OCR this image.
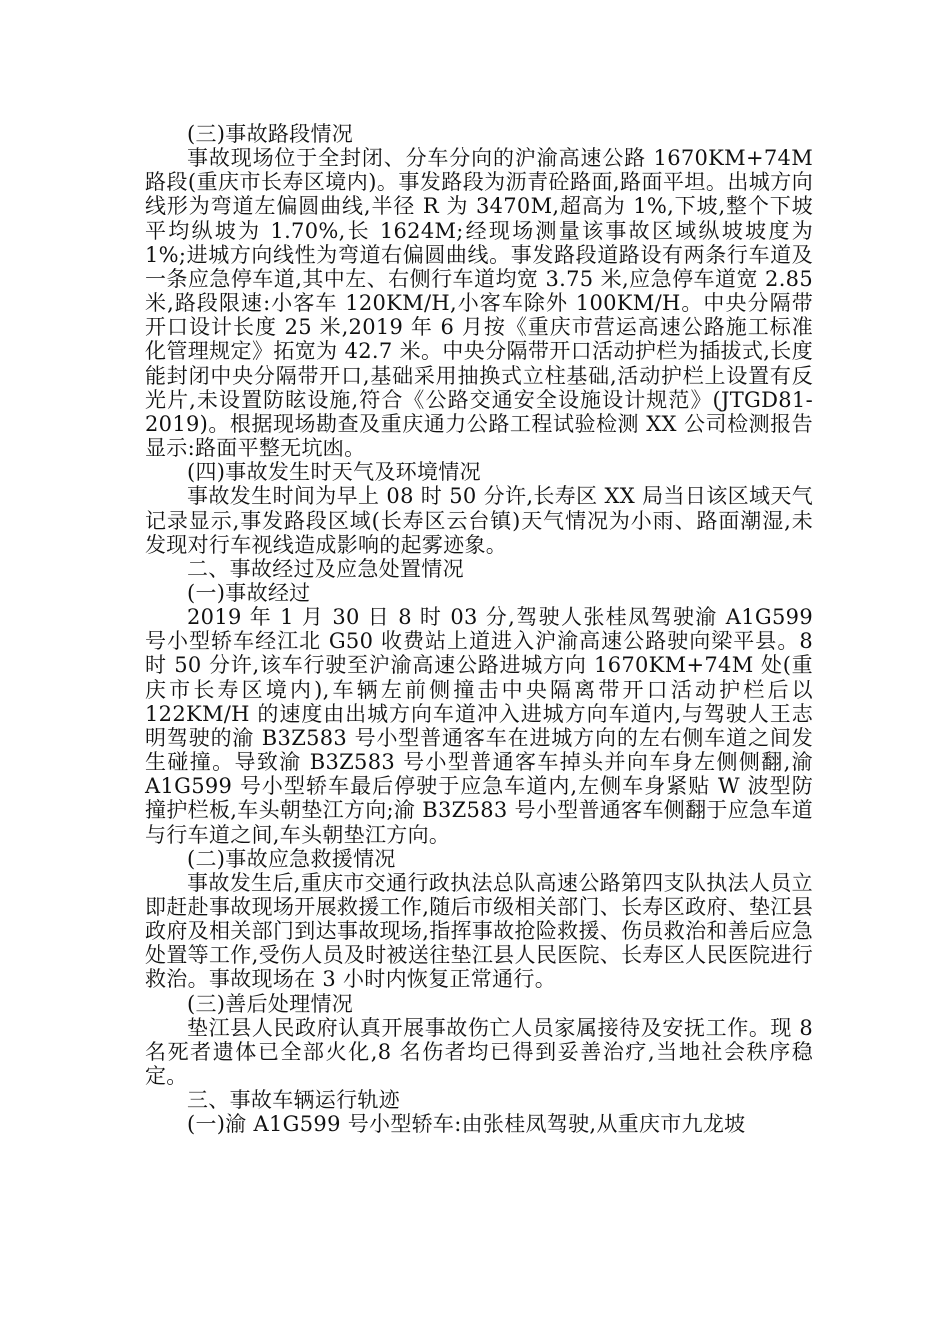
(三)事故路段情况

事故现场位于全封闭、分车分向的沪渝高速公路 1670KM+74M 路段(重庆市长寿区境内)。事发路段为沥青砼路面,路面平坦。出城方向线形为弯道左偏圆曲线,半径 R 为 3470M,超高为 1%,下坡,整个下坡平均纵坡为 1.70%,长 1624M;经现场测量该事故区域纵坡坡度为 1%;进城方向线性为弯道右偏圆曲线。事发路段道路设有两条行车道及一条应急停车道,其中左、右侧行车道均宽 3.75 米,应急停车道宽 2.85 米,路段限速:小客车 120KM/H,小客车除外 100KM/H。中央分隔带开口设计长度 25 米,2019 年 6 月按《重庆市营运高速公路施工标准化管理规定》拓宽为 42.7 米。中央分隔带开口活动护栏为插拔式,长度能封闭中央分隔带开口,基础采用抽换式立柱基础,活动护栏上设置有反光片,未设置防眩设施,符合《公路交通安全设施设计规范》(JTGD81-2019)。根据现场勘查及重庆通力公路工程试验检测 XX 公司检测报告显示:路面平整无坑凼。

(四)事故发生时天气及环境情况

事故发生时间为早上 08 时 50 分许,长寿区 XX 局当日该区域天气记录显示,事发路段区域(长寿区云台镇)天气情况为小雨、路面潮湿,未发现对行车视线造成影响的起雾迹象。

二、事故经过及应急处置情况

(一)事故经过

2019 年 1 月 30 日 8 时 03 分,驾驶人张桂凤驾驶渝 A1G599 号小型轿车经江北 G50 收费站上道进入沪渝高速公路驶向梁平县。8 时 50 分许,该车行驶至沪渝高速公路进城方向 1670KM+74M 处(重庆市长寿区境内),车辆左前侧撞击中央隔离带开口活动护栏后以 122KM/H 的速度由出城方向车道冲入进城方向车道内,与驾驶人王志明驾驶的渝 B3Z583 号小型普通客车在进城方向的左右侧车道之间发生碰撞。导致渝 B3Z583 号小型普通客车掉头并向车身左侧侧翻,渝 A1G599 号小型轿车最后停驶于应急车道内,左侧车身紧贴 W 波型防撞护栏板,车头朝垫江方向;渝 B3Z583 号小型普通客车侧翻于应急车道与行车道之间,车头朝垫江方向。

(二)事故应急救援情况

事故发生后,重庆市交通行政执法总队高速公路第四支队执法人员立即赶赴事故现场开展救援工作,随后市级相关部门、长寿区政府、垫江县政府及相关部门到达事故现场,指挥事故抢险救援、伤员救治和善后应急处置等工作,受伤人员及时被送往垫江县人民医院、长寿区人民医院进行救治。事故现场在 3 小时内恢复正常通行。

(三)善后处理情况

垫江县人民政府认真开展事故伤亡人员家属接待及安抚工作。现 8 名死者遗体已全部火化,8 名伤者均已得到妥善治疗,当地社会秩序稳定。

三、事故车辆运行轨迹

(一)渝 A1G599 号小型轿车:由张桂凤驾驶,从重庆市九龙坡
